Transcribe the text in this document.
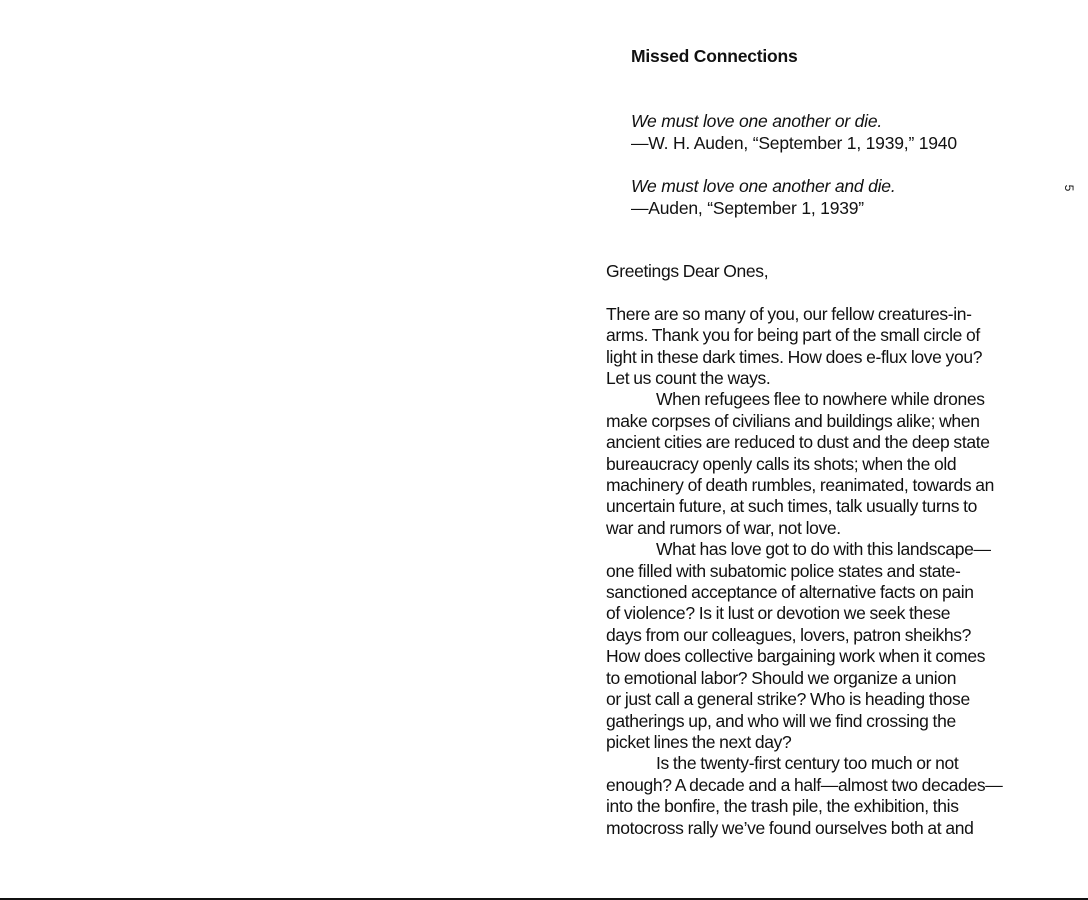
Missed Connections
We must love one another or die.
—W. H. Auden, “September 1, 1939,” 1940
We must love one another and die.
—Auden, “September 1, 1939”
5
Greetings Dear Ones,
There are so many of you, our fellow creatures-in-
arms. Thank you for being part of the small circle of
light in these dark times. How does e-flux love you?
Let us count the ways.
When refugees flee to nowhere while drones
make corpses of civilians and buildings alike; when
ancient cities are reduced to dust and the deep state
bureaucracy openly calls its shots; when the old
machinery of death rumbles, reanimated, towards an
uncertain future, at such times, talk usually turns to
war and rumors of war, not love.
What has love got to do with this landscape—
one filled with subatomic police states and state-
sanctioned acceptance of alternative facts on pain
of violence? Is it lust or devotion we seek these
days from our colleagues, lovers, patron sheikhs?
How does collective bargaining work when it comes
to emotional labor? Should we organize a union
or just call a general strike? Who is heading those
gatherings up, and who will we find crossing the
picket lines the next day?
Is the twenty-first century too much or not
enough? A decade and a half—almost two decades—
into the bonfire, the trash pile, the exhibition, this
motocross rally we’ve found ourselves both at and
